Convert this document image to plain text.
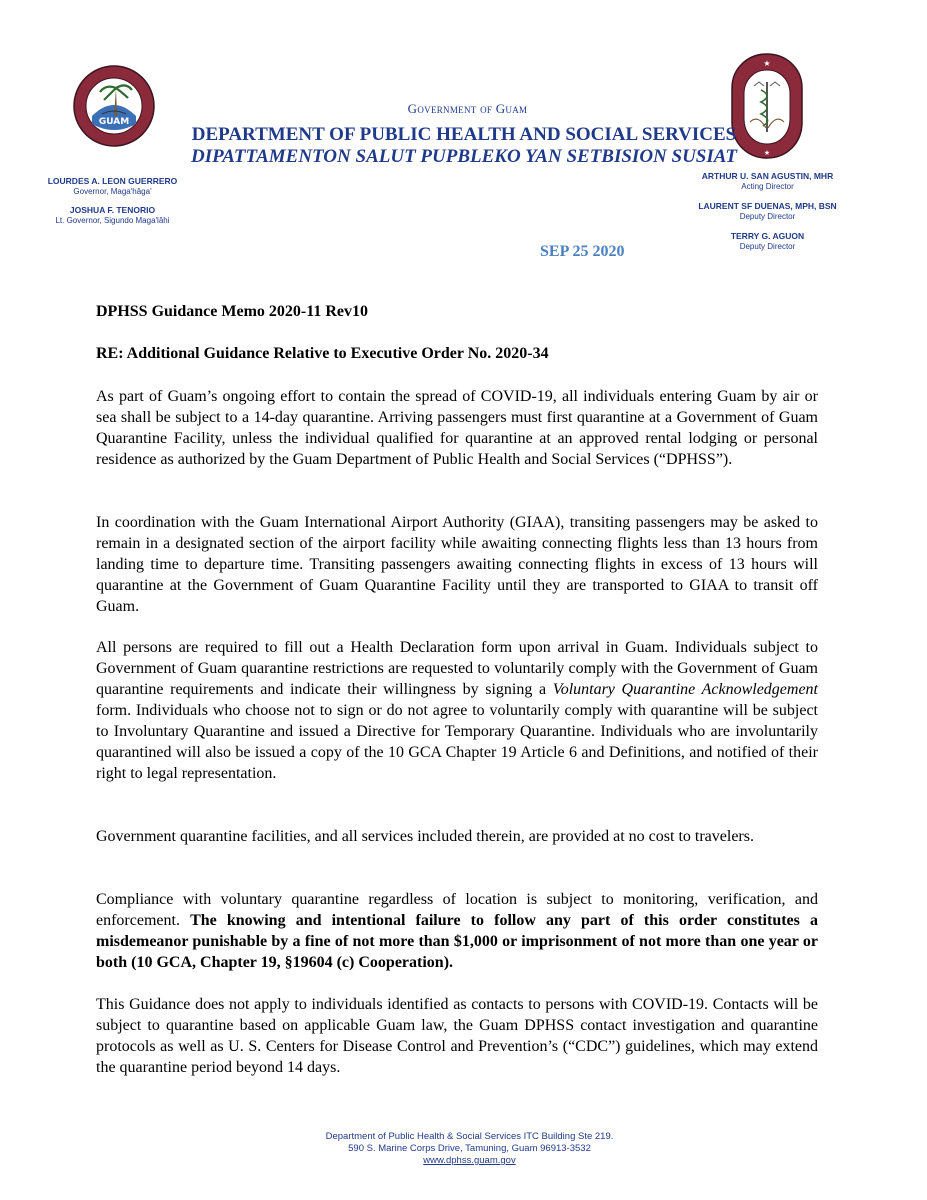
GUAM
★
★
Government of Guam
DEPARTMENT OF PUBLIC HEALTH AND SOCIAL SERVICES
DIPATTAMENTON SALUT PUPBLEKO YAN SETBISION SUSIAT
LOURDES A. LEON GUERRERO
Governor, Maga'hâga'
JOSHUA F. TENORIO
Lt. Governor, Sigundo Maga'lâhi
ARTHUR U. SAN AGUSTIN, MHR
Acting Director
LAURENT SF DUENAS, MPH, BSN
Deputy Director
TERRY G. AGUON
Deputy Director
SEP 25 2020
DPHSS Guidance Memo 2020-11 Rev10
RE: Additional Guidance Relative to Executive Order No. 2020-34

As part of Guam’s ongoing effort to contain the spread of COVID-19, all individuals entering Guam by air or sea shall be subject to a 14-day quarantine. Arriving passengers must first quarantine at a Government of Guam Quarantine Facility, unless the individual qualified for quarantine at an approved rental lodging or personal residence as authorized by the Guam Department of Public Health and Social Services (“DPHSS”).

In coordination with the Guam International Airport Authority (GIAA), transiting passengers may be asked to remain in a designated section of the airport facility while awaiting connecting flights less than 13 hours from landing time to departure time. Transiting passengers awaiting connecting flights in excess of 13 hours will quarantine at the Government of Guam Quarantine Facility until they are transported to GIAA to transit off Guam.

All persons are required to fill out a Health Declaration form upon arrival in Guam. Individuals subject to Government of Guam quarantine restrictions are requested to voluntarily comply with the Government of Guam quarantine requirements and indicate their willingness by signing a Voluntary Quarantine Acknowledgement form. Individuals who choose not to sign or do not agree to voluntarily comply with quarantine will be subject to Involuntary Quarantine and issued a Directive for Temporary Quarantine. Individuals who are involuntarily quarantined will also be issued a copy of the 10 GCA Chapter 19 Article 6 and Definitions, and notified of their right to legal representation.

Government quarantine facilities, and all services included therein, are provided at no cost to travelers.

Compliance with voluntary quarantine regardless of location is subject to monitoring, verification, and enforcement. The knowing and intentional failure to follow any part of this order constitutes a misdemeanor punishable by a fine of not more than $1,000 or imprisonment of not more than one year or both (10 GCA, Chapter 19, §19604 (c) Cooperation).

This Guidance does not apply to individuals identified as contacts to persons with COVID-19. Contacts will be subject to quarantine based on applicable Guam law, the Guam DPHSS contact investigation and quarantine protocols as well as U. S. Centers for Disease Control and Prevention’s (“CDC”) guidelines, which may extend the quarantine period beyond 14 days.

Department of Public Health & Social Services ITC Building Ste 219.
590 S. Marine Corps Drive, Tamuning, Guam 96913-3532
www.dphss.guam.gov
